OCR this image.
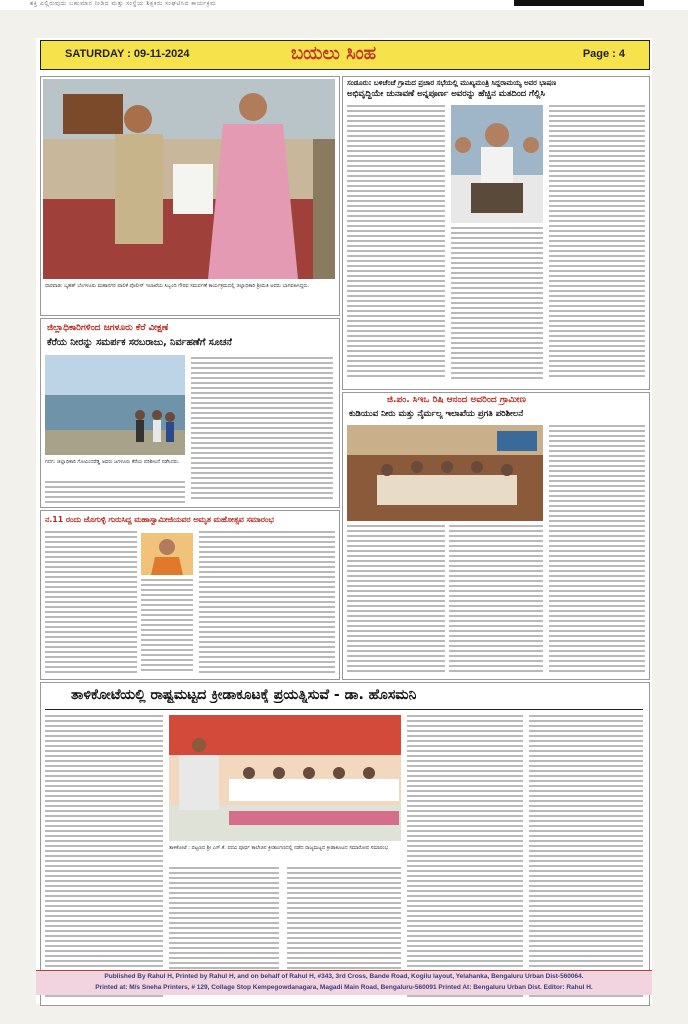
ಶಕ್ತಿ ಎಲ್ಲಿರುವುದು ಬಹುಮಾನ ನೀಡಿದ ಮತ್ತು ಸಂಸ್ಥೆಯ ಶಿಕ್ಷಕರು ಸಂಘಟಿಸಿದ ಕಾರ್ಯಕ್ರಮ
SATURDAY : 09-11-2024	ಬಯಲು ಸಿಂಹ	Page : 4
ಧಾರವಾಡ: ಬೃಹತ್ ಬೆಂಗಳೂರು ಮಹಾನಗರ ಪಾಲಿಕೆ ಪೊಲೀಸ್ ಇಲಾಖೆಯ ಸಿಬ್ಬಂದಿ ಗೌರವ ಸಮರ್ಪಣೆ ಕಾರ್ಯಕ್ರಮದಲ್ಲಿ ಜಿಲ್ಲಾಧಿಕಾರಿ ಶ್ರೀಮತಿ ಅವರು ಭಾಗವಹಿಸಿದ್ದರು.
ಸಂಡೂರು: ಬಳಿಚೆಂಚೆ ಗ್ರಾಮದ ಪ್ರಚಾರ ಸಭೆಯಲ್ಲಿ ಮುಖ್ಯಮಂತ್ರಿ ಸಿದ್ದರಾಮಯ್ಯ ಅವರ ಭಾಷಣ
ಅಭಿವೃದ್ಧಿಯೇ ಚುನಾವಣೆ ಅನ್ನಪೂರ್ಣ ಅವರನ್ನು ಹೆಚ್ಚಿನ ಮತದಿಂದ ಗೆಲ್ಲಿಸಿ
ಜಿಲ್ಲಾಧಿಕಾರಿಗಳಿಂದ ಜಗಳೂರು ಕೆರೆ ವೀಕ್ಷಣೆ
ಕೆರೆಯ ನೀರನ್ನು ಸಮರ್ಪಕ ಸರಬರಾಜು, ನಿರ್ವಹಣೆಗೆ ಸೂಚನೆ
ಗದಗ: ಜಿಲ್ಲಾಧಿಕಾರಿ ಗೋವಿಂದರೆಡ್ಡಿ ಅವರು ಜಗಳೂರು ಕೆರೆಯ ಪರಿಶೀಲನೆ ನಡೆಸಿದರು.
ಜಿ.ಪಂ. ಸಿಇಒ ರಿಷಿ ಆನಂದ ಅವರಿಂದ ಗ್ರಾಮೀಣ
ಕುಡಿಯುವ ನೀರು ಮತ್ತು ನೈರ್ಮಲ್ಯ ಇಲಾಖೆಯ ಪ್ರಗತಿ ಪರಿಶೀಲನೆ
ನ.11 ರಂದು ಜೊಗುಳ್ಳಿ ಗುರುಸಿದ್ದ ಮಹಾಸ್ವಾಮೀಜಿಯವರ ಅಮೃತ ಮಹೋತ್ಸವ ಸಮಾರಂಭ
ತಾಳಿಕೋಟೆಯಲ್ಲಿ ರಾಷ್ಟ್ರಮಟ್ಟದ ಕ್ರೀಡಾಕೂಟಕ್ಕೆ ಪ್ರಯತ್ನಿಸುವೆ - ಡಾ. ಹೊಸಮನಿ
ತಾಳಿಕೋಟೆ : ಪಟ್ಟಣದ ಶ್ರೀ ಎಸ್.ಕೆ. ಪದವಿ ಪೂರ್ವ ಕಾಲೇಜಿನ ಕ್ರೀಡಾಂಗಣದಲ್ಲಿ ನಡೆದ ರಾಜ್ಯಮಟ್ಟದ ಕ್ರೀಡಾಕೂಟದ ಸಮಾರೋಪ ಸಮಾರಂಭ
Published By Rahul H, Printed by Rahul H, and on behalf of Rahul H, #343, 3rd Cross, Bande Road, Kogilu layout, Yelahanka, Bengaluru Urban Dist-560064.
Printed at: M/s Sneha Printers, # 129, Collage Stop Kempegowdanagara, Magadi Main Road, Bengaluru-560091 Printed At: Bengaluru Urban Dist. Editor: Rahul H.
